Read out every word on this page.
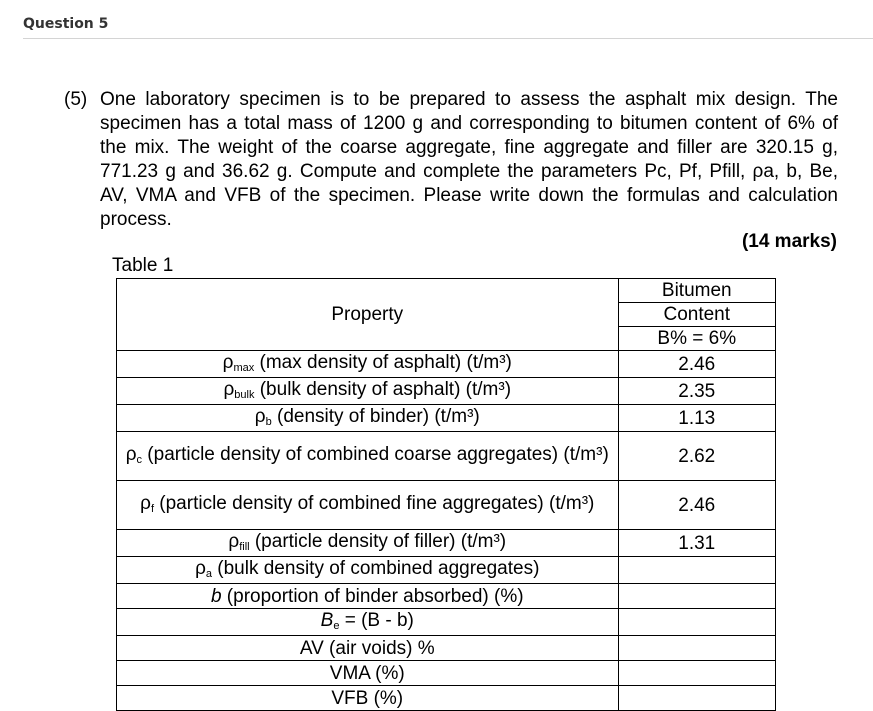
Question 5
(5) One laboratory specimen is to be prepared to assess the asphalt mix design. The specimen has a total mass of 1200 g and corresponding to bitumen content of 6% of the mix. The weight of the coarse aggregate, fine aggregate and filler are 320.15 g, 771.23 g and 36.62 g. Compute and complete the parameters Pc, Pf, Pfill, ρa, b, Be, AV, VMA and VFB of the specimen. Please write down the formulas and calculation process.
(14 marks)
Table 1
Property	Bitumen
	Content
	B% = 6%
$\rho_{max}$ (max density of asphalt) (t/m³)	2.46
$\rho_{bulk}$ (bulk density of asphalt) (t/m³)	2.35
$\rho_b$ (density of binder) (t/m³)	1.13
$\rho_c$ (particle density of combined coarse aggregates) (t/m³)	2.62
$\rho_f$ (particle density of combined fine aggregates) (t/m³)	2.46
$\rho_{fill}$ (particle density of filler) (t/m³)	1.31
$\rho_a$ (bulk density of combined aggregates)	
b (proportion of binder absorbed) (%)	
$B_e = (B - b)$	
AV (air voids) %	
VMA (%)	
VFB (%)	
